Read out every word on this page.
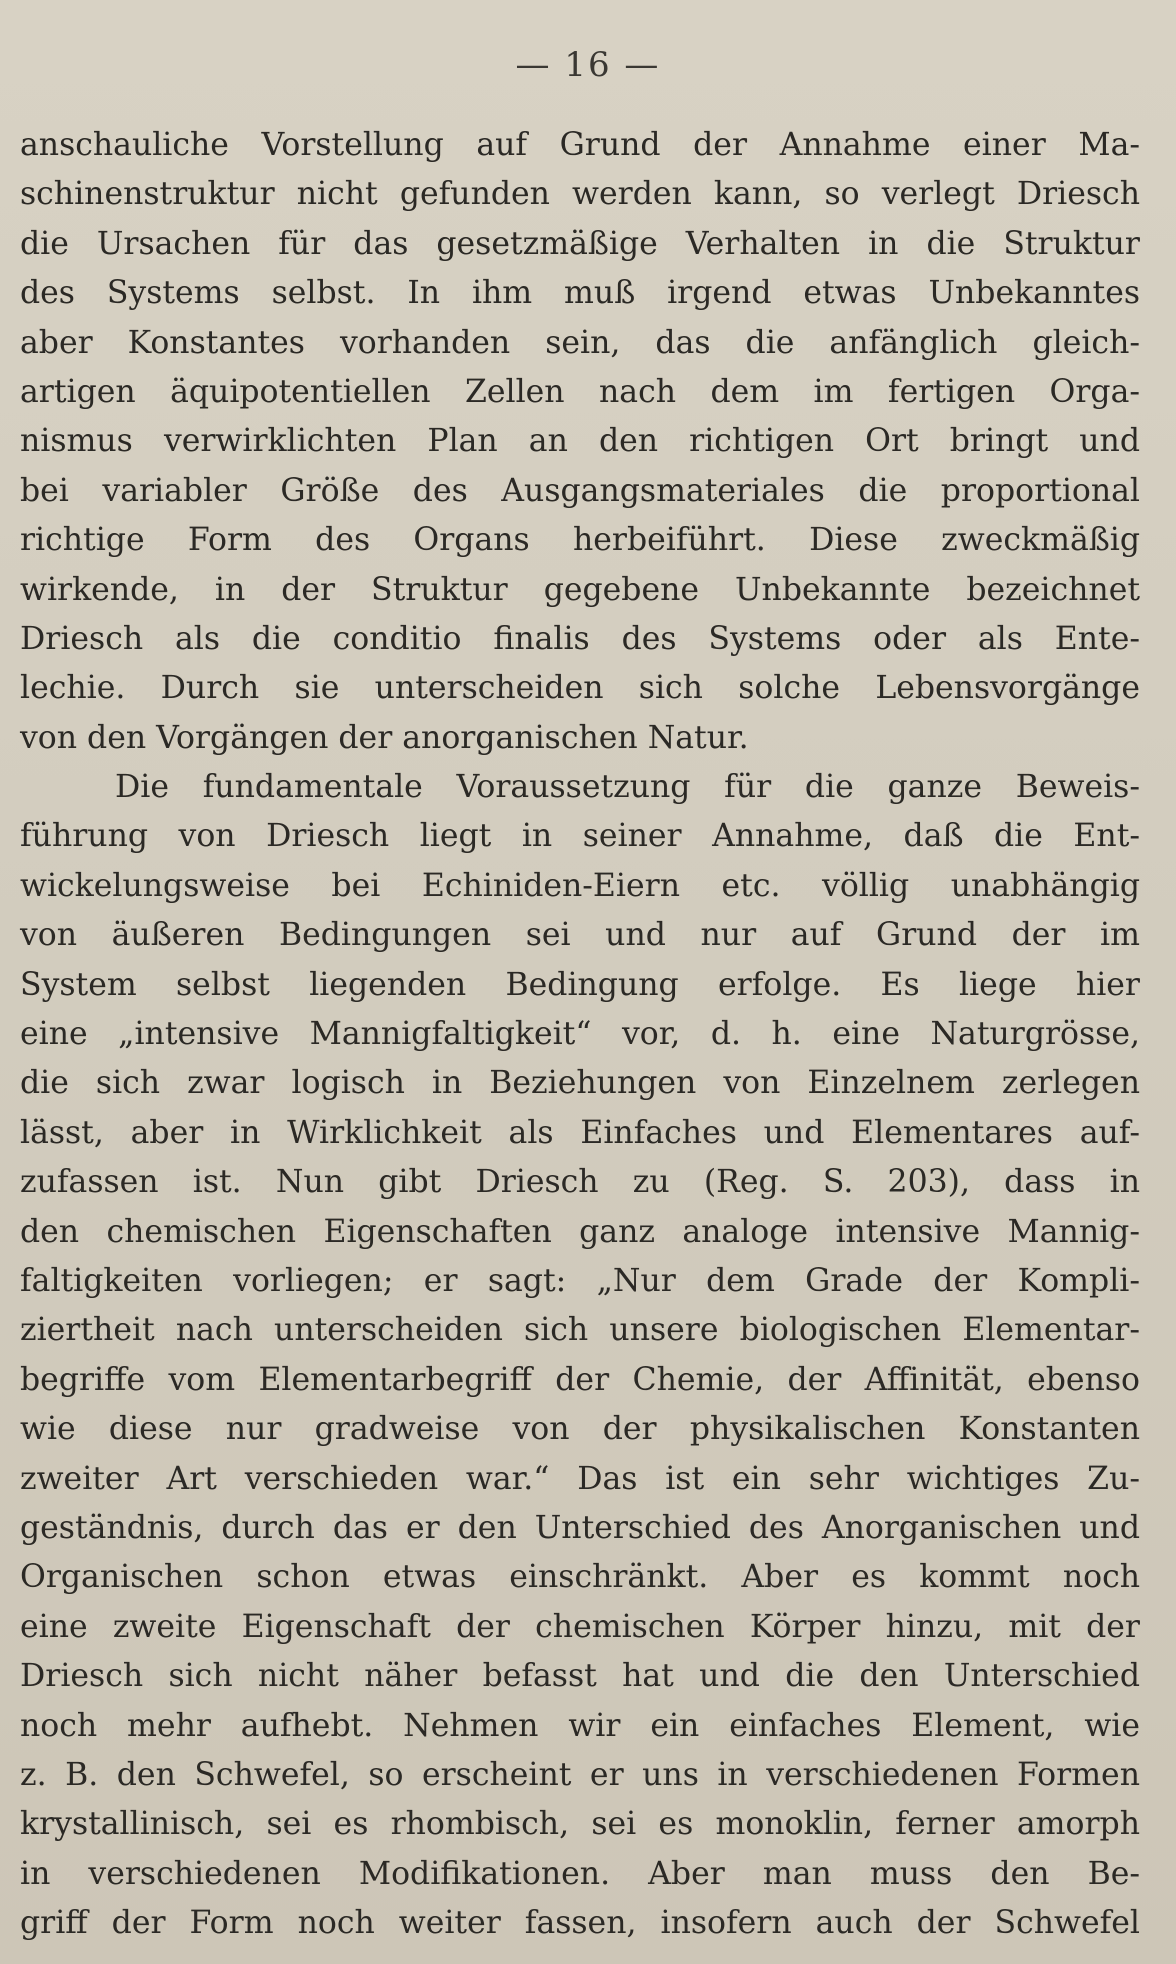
— 16 —
anschauliche Vorstellung auf Grund der Annahme einer Ma-
schinenstruktur nicht gefunden werden kann, so verlegt Driesch
die Ursachen für das gesetzmäßige Verhalten in die Struktur
des Systems selbst. In ihm muß irgend etwas Unbekanntes
aber Konstantes vorhanden sein, das die anfänglich gleich-
artigen äquipotentiellen Zellen nach dem im fertigen Orga-
nismus verwirklichten Plan an den richtigen Ort bringt und
bei variabler Größe des Ausgangsmateriales die proportional
richtige Form des Organs herbeiführt. Diese zweckmäßig
wirkende, in der Struktur gegebene Unbekannte bezeichnet
Driesch als die conditio finalis des Systems oder als Ente-
lechie. Durch sie unterscheiden sich solche Lebensvorgänge
von den Vorgängen der anorganischen Natur.
Die fundamentale Voraussetzung für die ganze Beweis-
führung von Driesch liegt in seiner Annahme, daß die Ent-
wickelungsweise bei Echiniden-Eiern etc. völlig unabhängig
von äußeren Bedingungen sei und nur auf Grund der im
System selbst liegenden Bedingung erfolge. Es liege hier
eine „intensive Mannigfaltigkeit“ vor, d. h. eine Naturgrösse,
die sich zwar logisch in Beziehungen von Einzelnem zerlegen
lässt, aber in Wirklichkeit als Einfaches und Elementares auf-
zufassen ist. Nun gibt Driesch zu (Reg. S. 203), dass in
den chemischen Eigenschaften ganz analoge intensive Mannig-
faltigkeiten vorliegen; er sagt: „Nur dem Grade der Kompli-
ziertheit nach unterscheiden sich unsere biologischen Elementar-
begriffe vom Elementarbegriff der Chemie, der Affinität, ebenso
wie diese nur gradweise von der physikalischen Konstanten
zweiter Art verschieden war.“ Das ist ein sehr wichtiges Zu-
geständnis, durch das er den Unterschied des Anorganischen und
Organischen schon etwas einschränkt. Aber es kommt noch
eine zweite Eigenschaft der chemischen Körper hinzu, mit der
Driesch sich nicht näher befasst hat und die den Unterschied
noch mehr aufhebt. Nehmen wir ein einfaches Element, wie
z. B. den Schwefel, so erscheint er uns in verschiedenen Formen
krystallinisch, sei es rhombisch, sei es monoklin, ferner amorph
in verschiedenen Modifikationen. Aber man muss den Be-
griff der Form noch weiter fassen, insofern auch der Schwefel
